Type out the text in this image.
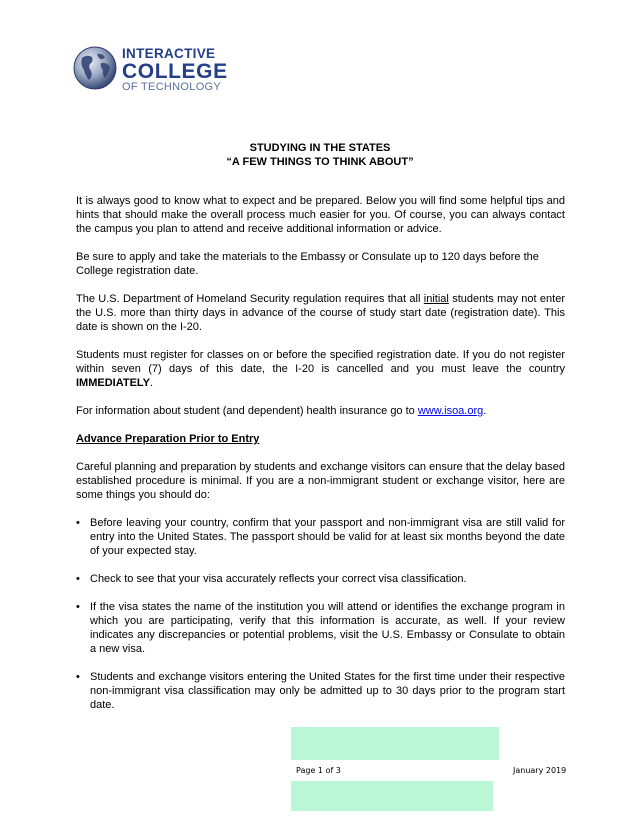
INTERACTIVE
COLLEGE
OF TECHNOLOGY
STUDYING IN THE STATES
“A FEW THINGS TO THINK ABOUT”

It is always good to know what to expect and be prepared. Below you will find some helpful tips and hints that should make the overall process much easier for you. Of course, you can always contact the campus you plan to attend and receive additional information or advice.

Be sure to apply and take the materials to the Embassy or Consulate up to 120 days before the College registration date.

The U.S. Department of Homeland Security regulation requires that all initial students may not enter the U.S. more than thirty days in advance of the course of study start date (registration date). This date is shown on the I-20.

Students must register for classes on or before the specified registration date. If you do not register within seven (7) days of this date, the I-20 is cancelled and you must leave the country IMMEDIATELY.

For information about student (and dependent) health insurance go to www.isoa.org.

Advance Preparation Prior to Entry

Careful planning and preparation by students and exchange visitors can ensure that the delay based established procedure is minimal. If you are a non-immigrant student or exchange visitor, here are some things you should do:

• Before leaving your country, confirm that your passport and non-immigrant visa are still valid for entry into the United States. The passport should be valid for at least six months beyond the date of your expected stay.
• Check to see that your visa accurately reflects your correct visa classification.
• If the visa states the name of the institution you will attend or identifies the exchange program in which you are participating, verify that this information is accurate, as well. If your review indicates any discrepancies or potential problems, visit the U.S. Embassy or Consulate to obtain a new visa.
• Students and exchange visitors entering the United States for the first time under their respective non-immigrant visa classification may only be admitted up to 30 days prior to the program start date.
Page 1 of 3	January 2019
